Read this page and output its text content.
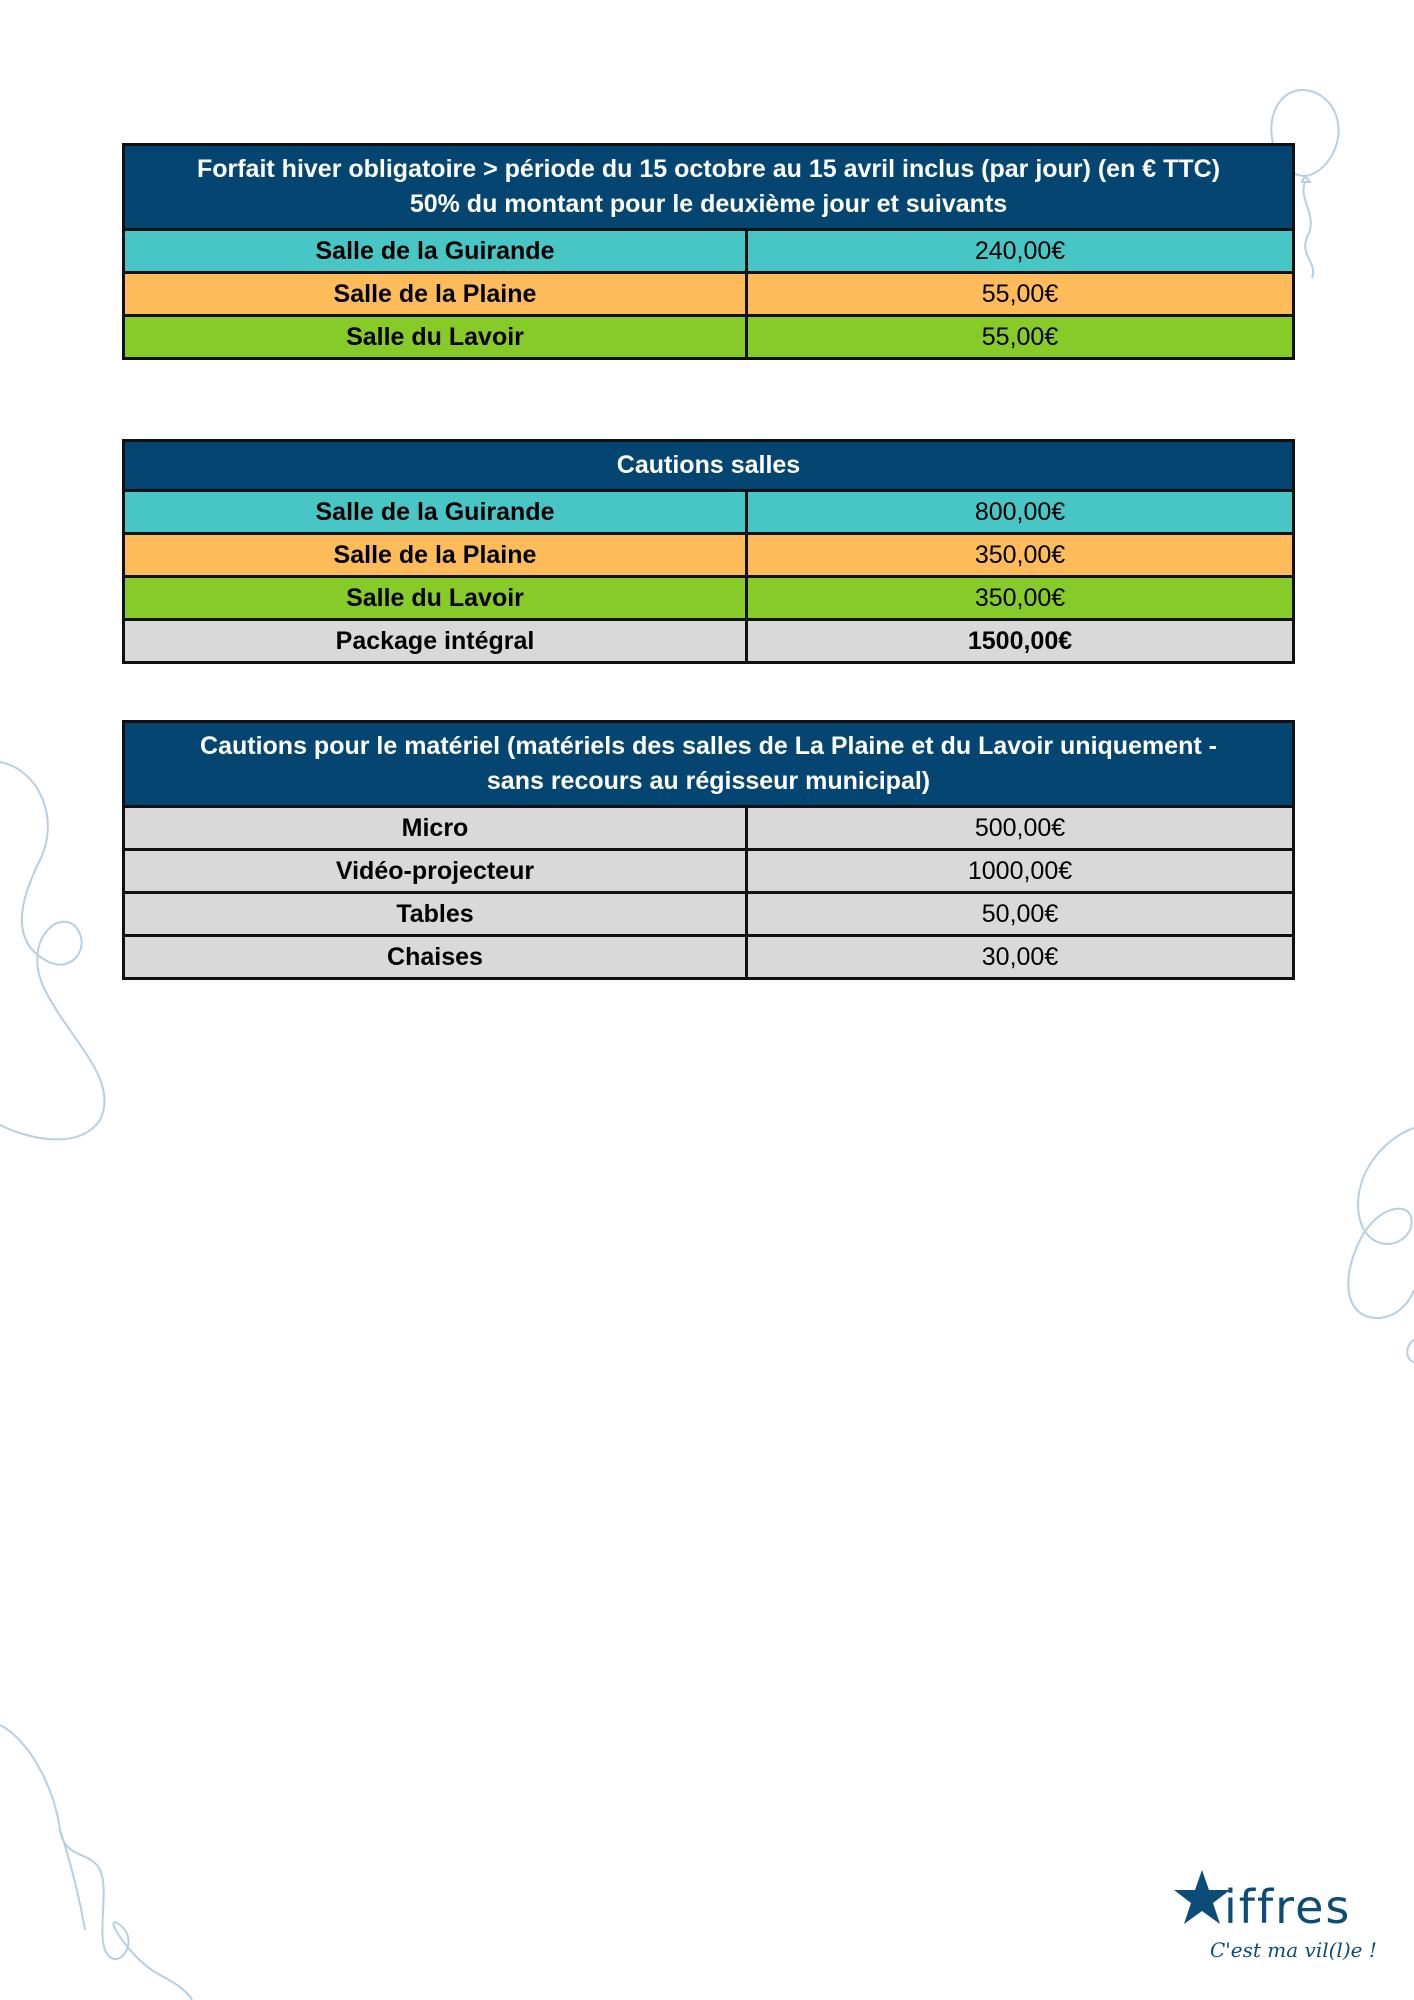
Forfait hiver obligatoire > période du 15 octobre au 15 avril inclus (par jour) (en € TTC)
50% du montant pour le deuxième jour et suivants	

Salle de la Guirande	240,00€
Salle de la Plaine	55,00€
Salle du Lavoir	55,00€
Cautions salles	
Salle de la Guirande	800,00€
Salle de la Plaine	350,00€
Salle du Lavoir	350,00€
Package intégral	1500,00€
Cautions pour le matériel (matériels des salles de La Plaine et du Lavoir uniquement -
sans recours au régisseur municipal)	

Micro	500,00€
Vidéo-projecteur	1000,00€
Tables	50,00€
Chaises	30,00€
iffres
C'est ma vil(l)e !
